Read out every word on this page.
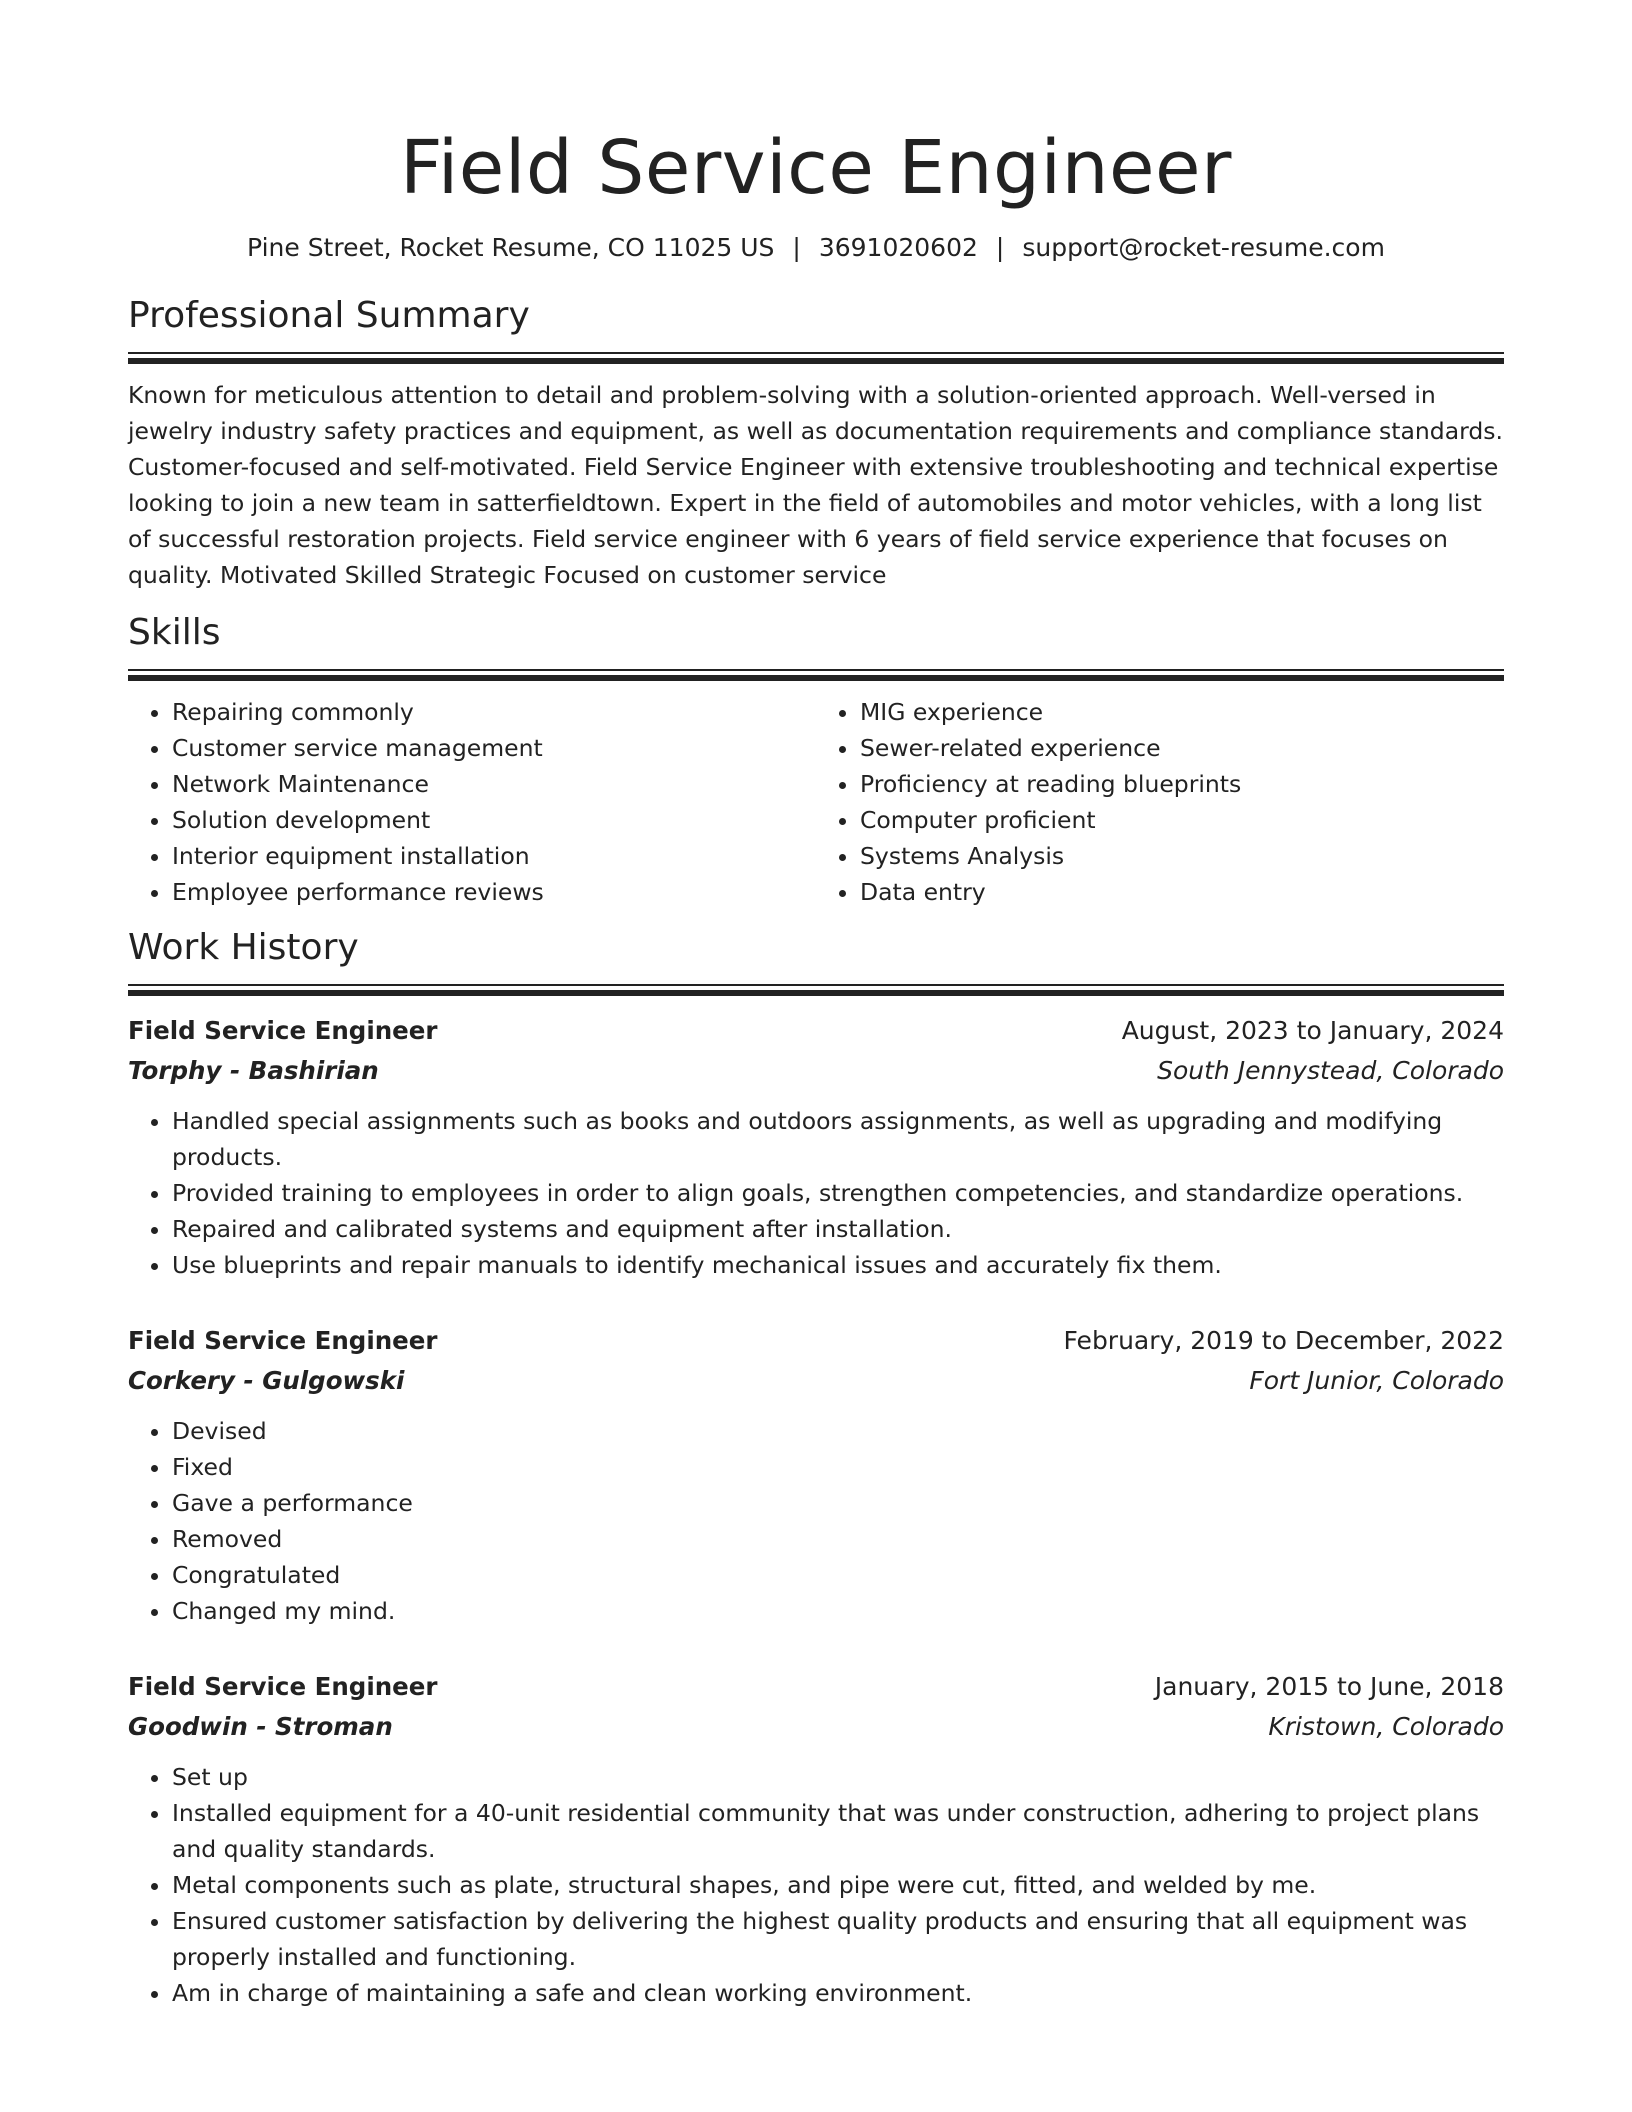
Field Service Engineer
Pine Street, Rocket Resume, CO 11025 US | 3691020602 | support@rocket-resume.com
Professional Summary

Known for meticulous attention to detail and problem-solving with a solution-oriented approach. Well-versed in jewelry industry safety practices and equipment, as well as documentation requirements and compliance standards. Customer-focused and self-motivated. Field Service Engineer with extensive troubleshooting and technical expertise looking to join a new team in satterfieldtown. Expert in the field of automobiles and motor vehicles, with a long list of successful restoration projects. Field service engineer with 6 years of field service experience that focuses on quality. Motivated Skilled Strategic Focused on customer service

Skills
• Repairing commonly
• Customer service management
• Network Maintenance
• Solution development
• Interior equipment installation
• Employee performance reviews
• MIG experience
• Sewer-related experience
• Proficiency at reading blueprints
• Computer proficient
• Systems Analysis
• Data entry
Work History
Field Service Engineer	August, 2023 to January, 2024
Torphy - Bashirian	South Jennystead, Colorado
• Handled special assignments such as books and outdoors assignments, as well as upgrading and modifying products.
• Provided training to employees in order to align goals, strengthen competencies, and standardize operations.
• Repaired and calibrated systems and equipment after installation.
• Use blueprints and repair manuals to identify mechanical issues and accurately fix them.
Field Service Engineer	February, 2019 to December, 2022
Corkery - Gulgowski	Fort Junior, Colorado
• Devised
• Fixed
• Gave a performance
• Removed
• Congratulated
• Changed my mind.
Field Service Engineer	January, 2015 to June, 2018
Goodwin - Stroman	Kristown, Colorado
• Set up
• Installed equipment for a 40-unit residential community that was under construction, adhering to project plans and quality standards.
• Metal components such as plate, structural shapes, and pipe were cut, fitted, and welded by me.
• Ensured customer satisfaction by delivering the highest quality products and ensuring that all equipment was properly installed and functioning.
• Am in charge of maintaining a safe and clean working environment.
